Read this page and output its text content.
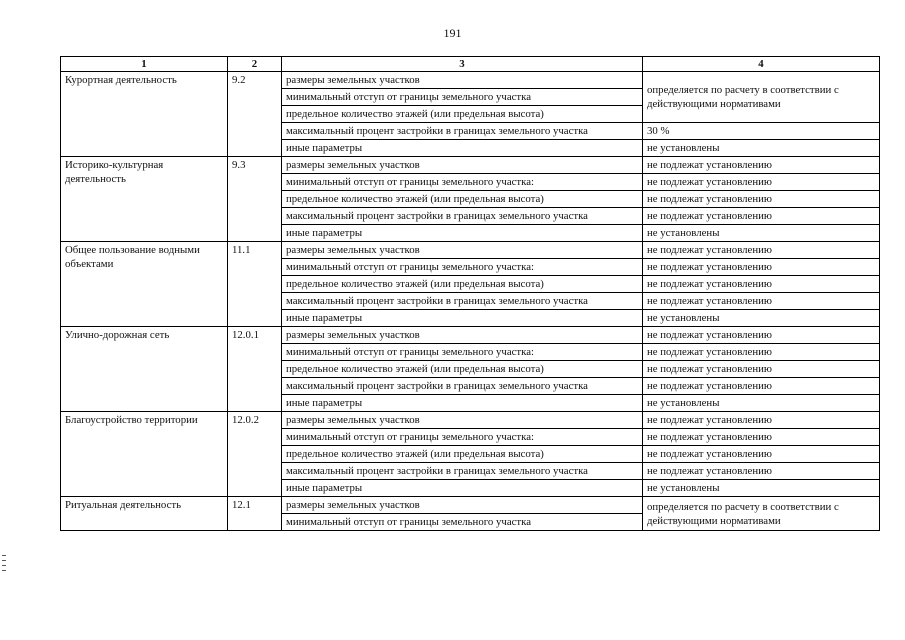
191
1	2	3	4
Курортная деятельность	9.2	размеры земельных участков	определяется по расчету в соответствии с действующими нормативами
		минимальный отступ от границы земельного участка	
		предельное количество этажей (или предельная высота)	
		максимальный процент застройки в границах земельного участка	30 %
		иные параметры	не установлены
Историко-культурная деятельность	9.3	размеры земельных участков	не подлежат установлению
		минимальный отступ от границы земельного участка:	не подлежат установлению
		предельное количество этажей (или предельная высота)	не подлежат установлению
		максимальный процент застройки в границах земельного участка	не подлежат установлению
		иные параметры	не установлены
Общее пользование водными объектами	11.1	размеры земельных участков	не подлежат установлению
		минимальный отступ от границы земельного участка:	не подлежат установлению
		предельное количество этажей (или предельная высота)	не подлежат установлению
		максимальный процент застройки в границах земельного участка	не подлежат установлению
		иные параметры	не установлены
Улично-дорожная сеть	12.0.1	размеры земельных участков	не подлежат установлению
		минимальный отступ от границы земельного участка:	не подлежат установлению
		предельное количество этажей (или предельная высота)	не подлежат установлению
		максимальный процент застройки в границах земельного участка	не подлежат установлению
		иные параметры	не установлены
Благоустройство территории	12.0.2	размеры земельных участков	не подлежат установлению
		минимальный отступ от границы земельного участка:	не подлежат установлению
		предельное количество этажей (или предельная высота)	не подлежат установлению
		максимальный процент застройки в границах земельного участка	не подлежат установлению
		иные параметры	не установлены
Ритуальная деятельность	12.1	размеры земельных участков	определяется по расчету в соответствии с действующими нормативами
		минимальный отступ от границы земельного участка	
